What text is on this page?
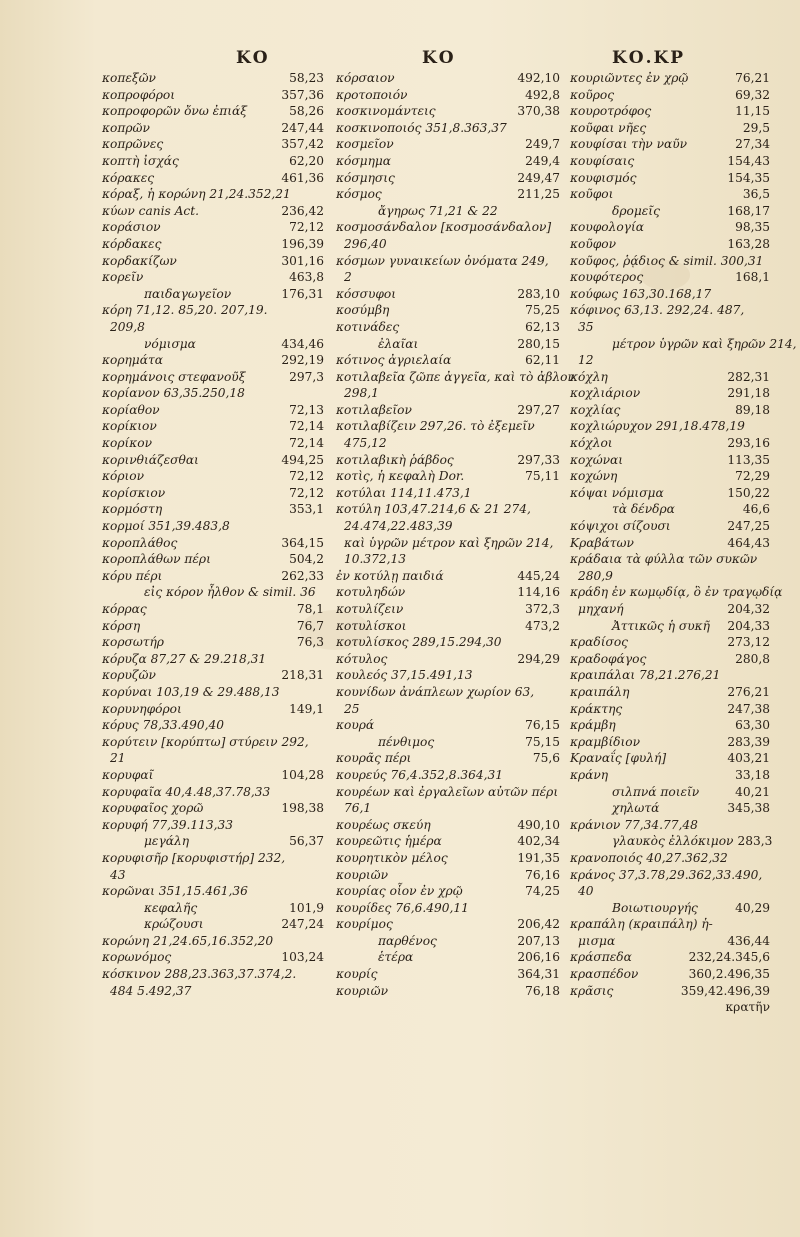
ΚΟ	ΚΟ	ΚΟ.ΚΡ
κοπεξῶν	58,23
κοπροφόροι	357,36
κοπροφορῶν ὄνω ἐπιάξ	58,26
κοπρῶν	247,44
κοπρῶνες	357,42
κοπτὴ ἰσχάς	62,20
κόρακες	461,36
κόραξ, ἡ κορώνη 21,24.352,21
κύων canis Act.	236,42
κοράσιον	72,12
κόρδακες	196,39
κορδακίζων	301,16
κορεῖν	463,8
παιδαγωγεῖον	176,31
κόρη 71,12. 85,20. 207,19.
209,8
νόμισμα	434,46
κορημάτα	292,19
κορημάνοις στεφανοῦξ	297,3
κορίανον 63,35.250,18
κορίαθον	72,13
κορίκιον	72,14
κορίκον	72,14
κορινθιάζεσθαι	494,25
κόριον	72,12
κορίσκιον	72,12
κορμόστη	353,1
κορμοί 351,39.483,8
κοροπλάθος	364,15
κοροπλάθων πέρι	504,2
κόρυ πέρι	262,33
εἰς κόρον ἦλθον & simil. 36
κόρρας	78,1
κόρση	76,7
κορσωτήρ	76,3
κόρυζα 87,27 & 29.218,31
κορυζῶν	218,31
κορύναι 103,19 & 29.488,13
κορυνηφόροι	149,1
κόρυς 78,33.490,40
κορύτειν [κορύπτω] στύρειν 292,
21
κορυφαῖ	104,28
κορυφαῖα 40,4.48,37.78,33
κορυφαῖος χορῶ	198,38
κορυφή 77,39.113,33
μεγάλη	56,37
κορυφισῆρ [κορυφιστήρ] 232,
43
κορῶναι 351,15.461,36
κεφαλῆς	101,9
κρώζουσι	247,24
κορώνη 21,24.65,16.352,20
κορωνόμος	103,24
κόσκινον 288,23.363,37.374,2.
484 5.492,37
κόρσαιον	492,10
κροτοποιόν	492,8
κοσκινομάντεις	370,38
κοσκινοποιός 351,8.363,37
κοσμεῖον	249,7
κόσμημα	249,4
κόσμησις	249,47
κόσμος	211,25
ἄγηρως 71,21 & 22
κοσμοσάνδαλον [κοσμοσάνδαλον]
296,40
κόσμων γυναικείων ὀνόματα 249,
2
κόσσυφοι	283,10
κοσύμβη	75,25
κοτινάδες	62,13
ἐλαῖαι	280,15
κότινος ἀγριελαία	62,11
κοτιλαβεῖα ζῶπε ἀγγεῖα, καὶ τὸ ἀβλον
298,1
κοτιλαβεῖον	297,27
κοτιλαβίζειν 297,26. τὸ ἐξεμεῖν
475,12
κοτιλαβικὴ ῥάβδος	297,33
κοτὶς, ἡ κεφαλὴ Dor.	75,11
κοτύλαι 114,11.473,1
κοτύλη 103,47.214,6 & 21 274,
24.474,22.483,39
καὶ ὑγρῶν μέτρον καὶ ξηρῶν 214,
10.372,13
ἐν κοτύλῃ παιδιά	445,24
κοτυληδών	114,16
κοτυλίζειν	372,3
κοτυλίσκοι	473,2
κοτυλίσκος 289,15.294,30
κότυλος	294,29
κουλεός 37,15.491,13
κουνίδων ἀνάπλεων χωρίον 63,
25
κουρά	76,15
πένθιμος	75,15
κουρᾶς πέρι	75,6
κουρεύς 76,4.352,8.364,31
κουρέων καὶ ἐργαλεῖων αὐτῶν πέρι
76,1
κουρέως σκεύη	490,10
κουρεῶτις ἡμέρα	402,34
κουρητικὸν μέλος	191,35
κουριῶν	76,16
κουρίας οἷον ἐν χρῷ	74,25
κουρίδες 76,6.490,11
κουρίμος	206,42
παρθένος	207,13
ἑτέρα	206,16
κουρίς	364,31
κουριῶν	76,18
κουριῶντες ἐν χρῷ	76,21
κοῦρος	69,32
κουροτρόφος	11,15
κοῦφαι νῆες	29,5
κουφίσαι τὴν ναῦν	27,34
κουφίσαις	154,43
κουφισμός	154,35
κοῦφοι	36,5
δρομεῖς	168,17
κουφολογία	98,35
κοῦφον	163,28
κοῦφος, ῥᾴδιος & simil. 300,31
κουφότερος	168,1
κούφως 163,30.168,17
κόφινος 63,13. 292,24. 487,
35
μέτρον ὑγρῶν καὶ ξηρῶν 214,
12
κόχλη	282,31
κοχλιάριον	291,18
κοχλίας	89,18
κοχλιώρυχον 291,18.478,19
κόχλοι	293,16
κοχώναι	113,35
κοχώνη	72,29
κόψαι νόμισμα	150,22
τὰ δένδρα	46,6
κόψιχοι σίζουσι	247,25
Κραβάτων	464,43
κράδαια τὰ φύλλα τῶν συκῶν
280,9
κράδη ἐν κωμῳδίᾳ, ὃ ἐν τραγῳδίᾳ
μηχανή	204,32
Ἀττικῶς ἡ συκῆ	204,33
κραδίσος	273,12
κραδοφάγος	280,8
κραιπάλαι 78,21.276,21
κραιπάλη	276,21
κράκτης	247,38
κράμβη	63,30
κραμβίδιον	283,39
Κραναΐς [φυλή]	403,21
κράνη	33,18
σιλπνά ποιεῖν	40,21
χηλωτά	345,38
κράνιον 77,34.77,48
γλαυκὸς ἐλλόκιμον 283,3
κρανοποιός 40,27.362,32
κράνος 37,3.78,29.362,33.490,
40
Βοιωτιουργής	40,29
κραπάλη (κραιπάλη) ἡ-
μισμα	436,44
κράσπεδα	232,24.345,6
κρασπέδον	360,2.496,35
κρᾶσις	359,42.496,39
κρατῆν
